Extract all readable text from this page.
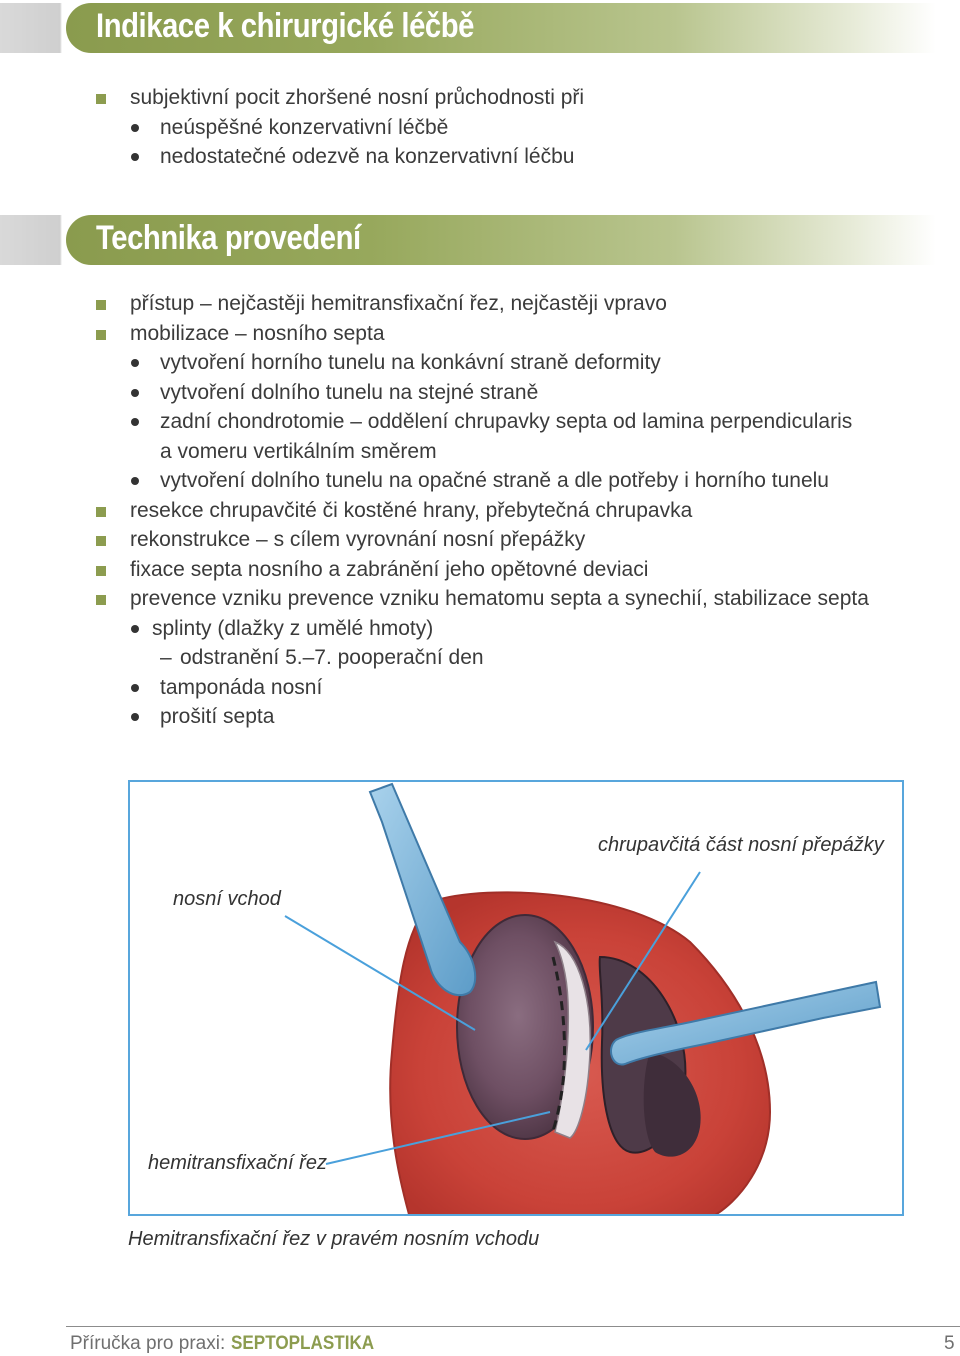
Indikace k chirurgické léčbě
subjektivní pocit zhoršené nosní průchodnosti při
neúspěšné konzervativní léčbě
nedostatečné odezvě na konzervativní léčbu
Technika provedení
přístup – nejčastěji hemitransfixační řez, nejčastěji vpravo
mobilizace – nosního septa
vytvoření horního tunelu na konkávní straně deformity
vytvoření dolního tunelu na stejné straně
zadní chondrotomie – oddělení chrupavky septa od lamina perpendicularis
a vomeru vertikálním směrem
vytvoření dolního tunelu na opačné straně a dle potřeby i horního tunelu
resekce chrupavčité či kostěné hrany, přebytečná chrupavka
rekonstrukce – s cílem vyrovnání nosní přepážky
fixace septa nosního a zabránění jeho opětovné deviaci
prevence vzniku prevence vzniku hematomu septa a synechií, stabilizace septa
splinty (dlažky z umělé hmoty)
– odstranění 5.–7. pooperační den
tamponáda nosní
prošití septa
chrupavčitá část nosní přepážky
nosní vchod
hemitransfixační řez
Hemitransfixační řez v pravém nosním vchodu
Příručka pro praxi: SEPTOPLASTIKA	5
